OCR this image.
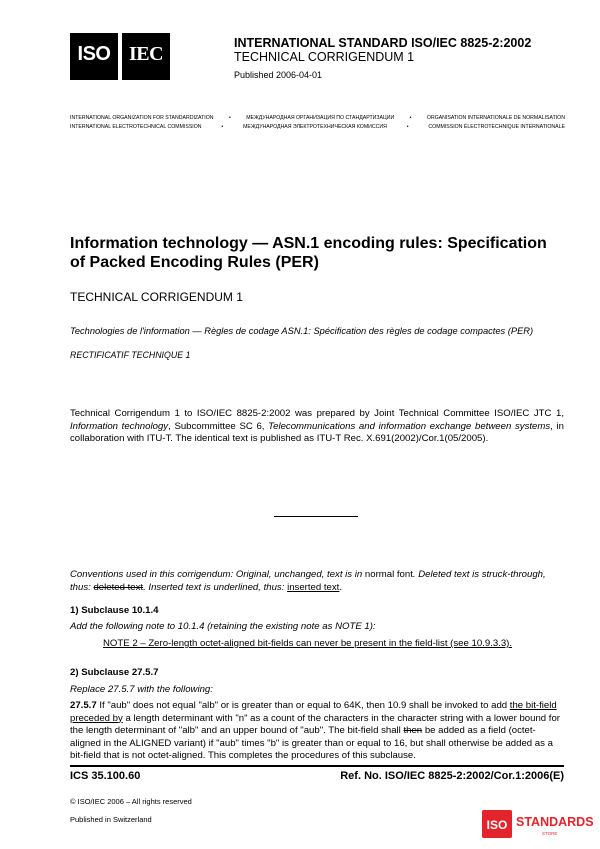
ISO IEC	INTERNATIONAL STANDARD ISO/IEC 8825-2:2002
TECHNICAL CORRIGENDUM 1
Published 2006-04-01
INTERNATIONAL ORGANIZATION FOR STANDARDIZATION	•	МЕЖДУНАРОДНАЯ ОРГАНИЗАЦИЯ ПО СТАНДАРТИЗАЦИИ	•	ORGANISATION INTERNATIONALE DE NORMALISATION
INTERNATIONAL ELECTROTECHNICAL COMMISSION	•	МЕЖДУНАРОДНАЯ ЭЛЕКТРОТЕХНИЧЕСКАЯ КОМИССИЯ	•	COMMISSION ÉLECTROTECHNIQUE INTERNATIONALE
Information technology — ASN.1 encoding rules: Specification of Packed Encoding Rules (PER)
TECHNICAL CORRIGENDUM 1
Technologies de l'information — Règles de codage ASN.1: Spécification des règles de codage compactes (PER)
RECTIFICATIF TECHNIQUE 1
Technical Corrigendum 1 to ISO/IEC 8825-2:2002 was prepared by Joint Technical Committee ISO/IEC JTC 1, Information technology, Subcommittee SC 6, Telecommunications and information exchange between systems, in collaboration with ITU-T. The identical text is published as ITU-T Rec. X.691(2002)/Cor.1(05/2005).
Conventions used in this corrigendum: Original, unchanged, text is in normal font. Deleted text is struck-through, thus: deleted text. Inserted text is underlined, thus: inserted text.
1) Subclause 10.1.4
Add the following note to 10.1.4 (retaining the existing note as NOTE 1):
NOTE 2 – Zero-length octet-aligned bit-fields can never be present in the field-list (see 10.9.3.3).
2) Subclause 27.5.7
Replace 27.5.7 with the following:
27.5.7 If "aub" does not equal "alb" or is greater than or equal to 64K, then 10.9 shall be invoked to add the bit-field preceded by a length determinant with "n" as a count of the characters in the character string with a lower bound for the length determinant of "alb" and an upper bound of "aub". The bit-field shall then be added as a field (octet-aligned in the ALIGNED variant) if "aub" times "b" is greater than or equal to 16, but shall otherwise be added as a bit-field that is not octet-aligned. This completes the procedures of this subclause.
ICS 35.100.60	Ref. No. ISO/IEC 8825-2:2002/Cor.1:2006(E)
© ISO/IEC 2006 – All rights reserved
Published in Switzerland	ISO STANDARDS
STORE
